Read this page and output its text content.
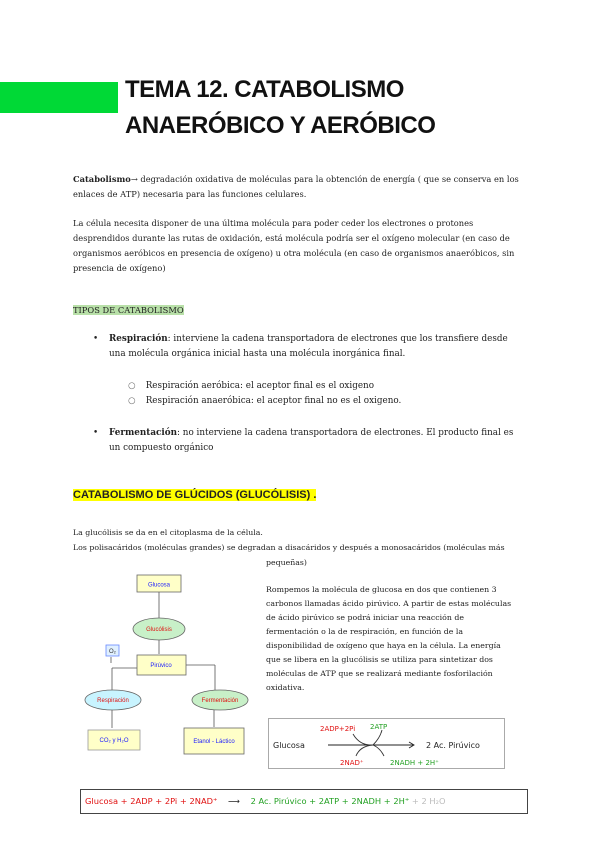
TEMA 12. CATABOLISMO
ANAERÓBICO Y AERÓBICO
Catabolismo→ degradación oxidativa de moléculas para la obtención de energía ( que se conserva en los enlaces de ATP) necesaria para las funciones celulares.
La célula necesita disponer de una última molécula para poder ceder los electrones o protones desprendidos durante las rutas de oxidación, está molécula podría ser el oxígeno molecular (en caso de organismos aeróbicos en presencia de oxígeno) u otra molécula (en caso de organismos anaeróbicos, sin presencia de oxígeno)
TIPOS DE CATABOLISMO
• Respiración: interviene la cadena transportadora de electrones que los transfiere desde una molécula orgánica inicial hasta una molécula inorgánica final.
○ Respiración aeróbica: el aceptor final es el oxigeno
○ Respiración anaeróbica: el aceptor final no es el oxigeno.
• Fermentación: no interviene la cadena transportadora de electrones. El producto final es un compuesto orgánico
CATABOLISMO DE GLÚCIDOS (GLUCÓLISIS) .
La glucólisis se da en el citoplasma de la célula.
Los polisacáridos (moléculas grandes) se degradan a disacáridos y después a monosacáridos (moléculas más
pequeñas)
Rompemos la molécula de glucosa en dos que contienen 3 carbonos llamadas ácido pirúvico. A partir de estas moléculas de ácido pirúvico se podrá iniciar una reacción de fermentación o la de respiración, en función de la disponibilidad de oxígeno que haya en la célula. La energía que se libera en la glucólisis se utiliza para sintetizar dos moléculas de ATP que se realizará mediante fosforilación oxidativa.
Glucosa
Glucólisis
O₂
Pirúvico
Respiración	Fermentación
CO₂ y H₂O	Etanol - Láctico	Glucosa
2ADP+2Pi 2ATP
2 Ac. Pirúvico
2NAD⁺	2NADH + 2H⁺
Glucosa + 2ADP + 2Pi + 2NAD⁺ ⟶ 2 Ac. Pirúvico + 2ATP + 2NADH + 2H⁺ + 2 H₂O
